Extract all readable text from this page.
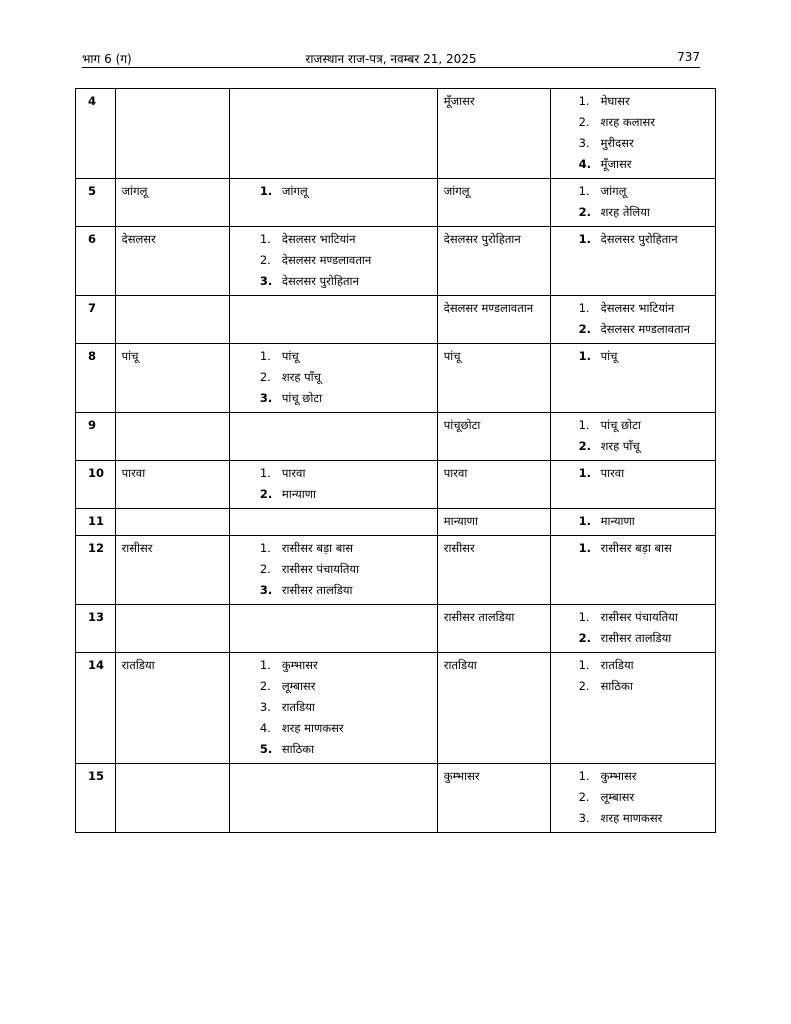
भाग 6 (ग)	राजस्थान राज-पत्र, नवम्बर 21, 2025	737
4			मूँजासर	1. मेघासर
2. शरह कलासर
3. मुरीदसर
4. मूँजासर

5	जांगलू	1. जांगलू	जांगलू	1. जांगलू
2. शरह तेलिया

6	देसलसर	1. देसलसर भाटियांन
2. देसलसर मण्डलावतान
3. देसलसर पुरोहितान	देसलसर पुरोहितान	1. देसलसर पुरोहितान

7			देसलसर मण्डलावतान	1. देसलसर भाटियांन
2. देसलसर मण्डलावतान

8	पांचू	1. पांचू
2. शरह पाँचू
3. पांचू छोटा	पांचू	1. पांचू

9			पांचूछोटा	1. पांचू छोटा
2. शरह पाँचू

10	पारवा	1. पारवा
2. मान्याणा	पारवा	1. पारवा

11			मान्याणा	1. मान्याणा

12	रासीसर	1. रासीसर बड़ा बास
2. रासीसर पंचायतिया
3. रासीसर तालडिया	रासीसर	1. रासीसर बड़ा बास

13			रासीसर तालडिया	1. रासीसर पंचायतिया
2. रासीसर तालडिया

14	रातडिया	1. कुम्भासर
2. लूम्बासर
3. रातडिया
4. शरह माणकसर
5. साठिका	रातडिया	1. रातडिया
2. साठिका

15			कुम्भासर	1. कुम्भासर
2. लूम्बासर
3. शरह माणकसर
